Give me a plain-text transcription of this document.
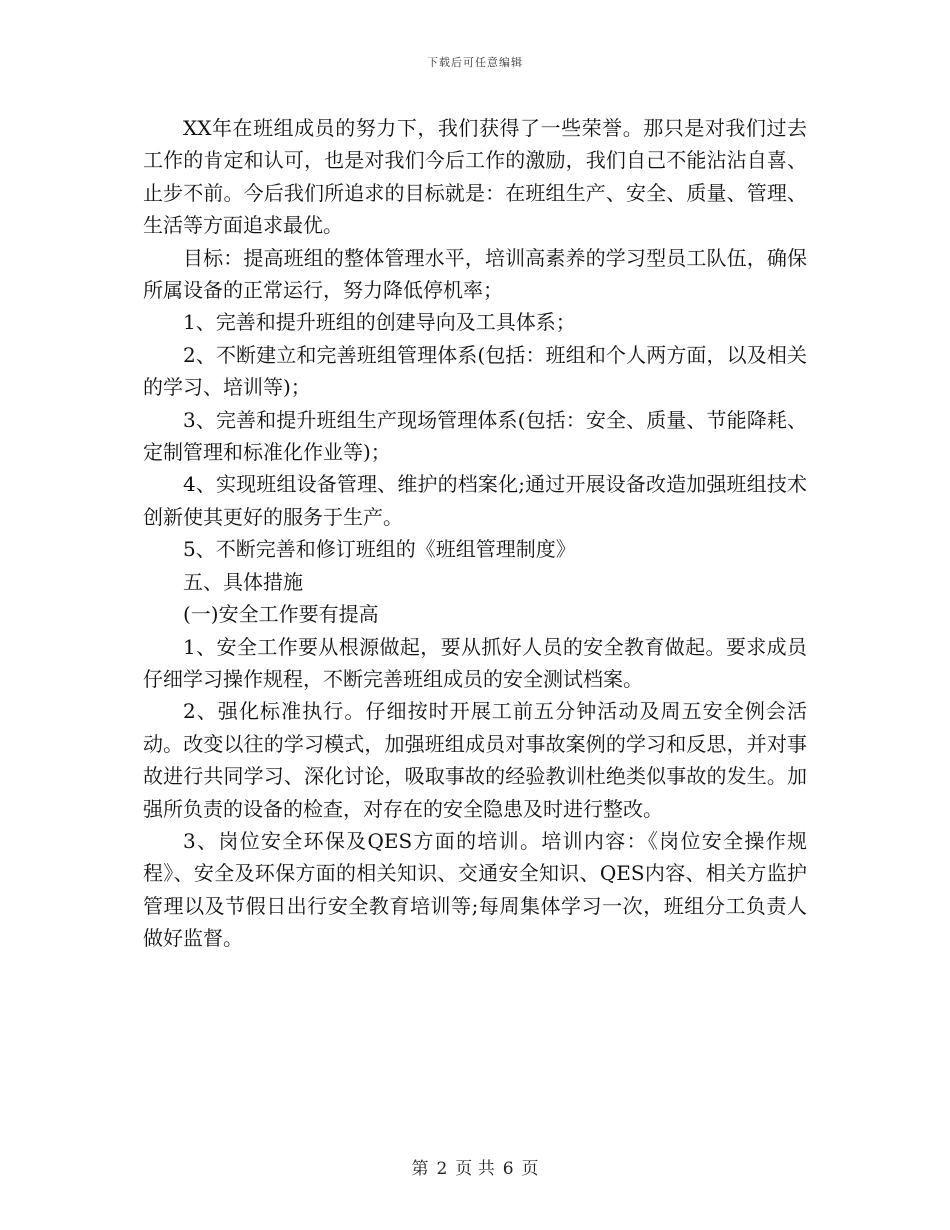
下载后可任意编辑

XX年在班组成员的努力下，我们获得了一些荣誉。那只是对我们过去工作的肯定和认可，也是对我们今后工作的激励，我们自己不能沾沾自喜、止步不前。今后我们所追求的目标就是：在班组生产、安全、质量、管理、生活等方面追求最优。

目标：提高班组的整体管理水平，培训高素养的学习型员工队伍，确保所属设备的正常运行，努力降低停机率；

1、完善和提升班组的创建导向及工具体系；

2、不断建立和完善班组管理体系(包括：班组和个人两方面，以及相关的学习、培训等)；

3、完善和提升班组生产现场管理体系(包括：安全、质量、节能降耗、定制管理和标准化作业等)；

4、实现班组设备管理、维护的档案化;通过开展设备改造加强班组技术创新使其更好的服务于生产。

5、不断完善和修订班组的《班组管理制度》

五、具体措施

(一)安全工作要有提高

1、安全工作要从根源做起，要从抓好人员的安全教育做起。要求成员仔细学习操作规程，不断完善班组成员的安全测试档案。

2、强化标准执行。仔细按时开展工前五分钟活动及周五安全例会活动。改变以往的学习模式，加强班组成员对事故案例的学习和反思，并对事故进行共同学习、深化讨论，吸取事故的经验教训杜绝类似事故的发生。加强所负责的设备的检查，对存在的安全隐患及时进行整改。

3、岗位安全环保及QES方面的培训。培训内容：《岗位安全操作规程》、安全及环保方面的相关知识、交通安全知识、QES内容、相关方监护管理以及节假日出行安全教育培训等;每周集体学习一次，班组分工负责人做好监督。

第 2 页 共 6 页
